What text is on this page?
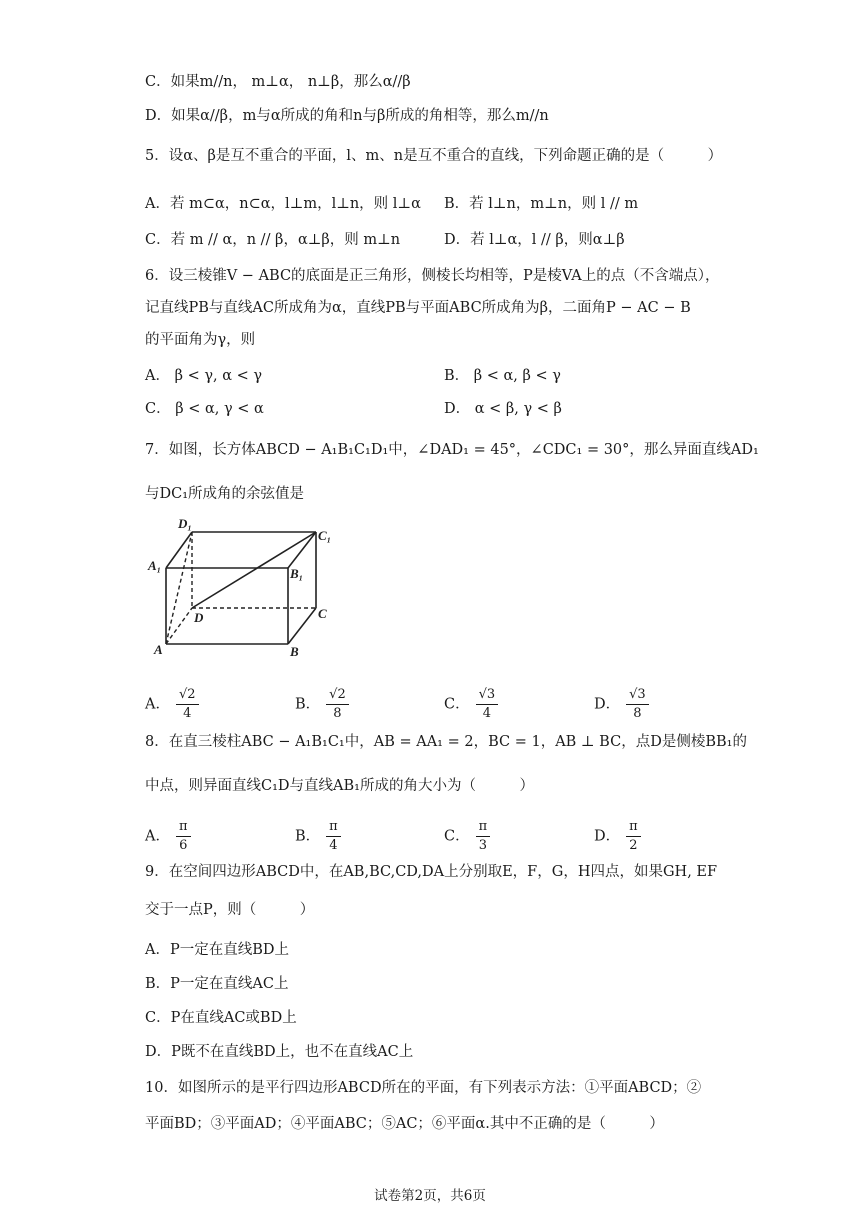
C．如果m//n， m⊥α， n⊥β，那么α//β
D．如果α//β，m与α所成的角和n与β所成的角相等，那么m//n
5．设α、β是互不重合的平面，l、m、n是互不重合的直线，下列命题正确的是（　　　）
A．若 m⊂α，n⊂α，l⊥m，l⊥n，则 l⊥α B．若 l⊥n，m⊥n，则 l // m
C．若 m // α，n // β，α⊥β，则 m⊥n	D．若 l⊥α，l // β，则α⊥β
6．设三棱锥V − ABC的底面是正三角形，侧棱长均相等，P是棱VA上的点（不含端点），
记直线PB与直线AC所成角为α，直线PB与平面ABC所成角为β，二面角P − AC − B
的平面角为γ，则
A． β < γ, α < γ	B． β < α, β < γ
C． β < α, γ < α	D． α < β, γ < β
7．如图，长方体ABCD − A₁B₁C₁D₁中，∠DAD₁ = 45°，∠CDC₁ = 30°，那么异面直线AD₁
与DC₁所成角的余弦值是
D₁
C₁
A₁
B₁
D	C
A	B
A． $\frac{√2}{4}$	B． $\frac{√2}{8}$	C． $\frac{√3}{4}$	D． $\frac{√3}{8}$
8．在直三棱柱ABC − A₁B₁C₁中，AB = AA₁ = 2，BC = 1，AB ⊥ BC，点D是侧棱BB₁的
中点，则异面直线C₁D与直线AB₁所成的角大小为（　　　）
A． $\frac{\pi}{6}$	B． $\frac{\pi}{4}$	C． $\frac{\pi}{3}$	D． $\frac{\pi}{2}$
9．在空间四边形ABCD中，在AB,BC,CD,DA上分别取E，F，G，H四点，如果GH, EF
交于一点P，则（　　　）
A．P一定在直线BD上
B．P一定在直线AC上
C．P在直线AC或BD上
D．P既不在直线BD上，也不在直线AC上
10．如图所示的是平行四边形ABCD所在的平面，有下列表示方法：①平面ABCD；②
平面BD；③平面AD；④平面ABC；⑤AC；⑥平面α.其中不正确的是（　　　）
试卷第2页，共6页
